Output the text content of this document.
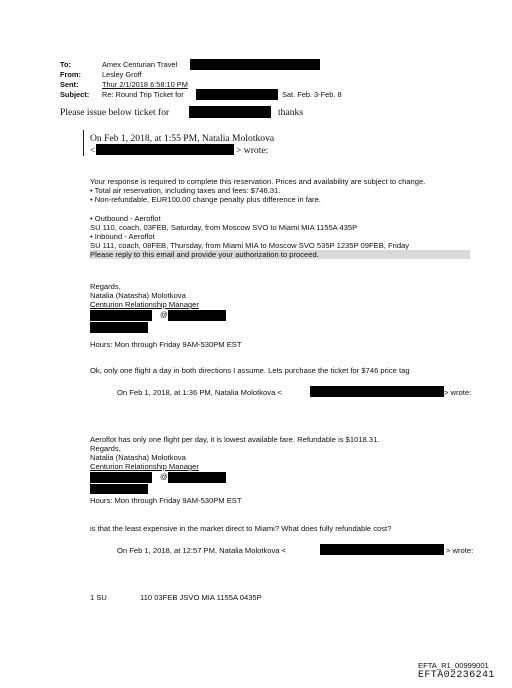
To:	Amex Centurian Travel
From:	Lesley Groff
Sent:	Thur 2/1/2018 6:58:10 PM
Subject: Re: Round Trip Ticket for	Sat. Feb. 3-Feb. 8
Please issue below ticket for	thanks
On Feb 1, 2018, at 1:55 PM, Natalia Molotkova
<	> wrote:
Your response is required to complete this reservation. Prices and availability are subject to change.
• Total air reservation, including taxes and fees: $746.31.
• Non-refundable, EUR100.00 change penalty plus difference in fare.
• Outbound - Aeroflot
SU 110, coach, 03FEB, Saturday, from Moscow SVO to Miami MIA 1155A 435P
• Inbound - Aeroflot
SU 111, coach, 08FEB, Thursday, from Miami MIA to Moscow SVO 535P 1235P 09FEB, Friday
Please reply to this email and provide your authorization to proceed.
Regards,
Natalia (Natasha) Molotkova
Centurion Relationship Manager
@
Hours: Mon through Friday 9AM-530PM EST
Ok, only one flight a day in both directions I assume. Lets purchase the ticket for $746 price tag
On Feb 1, 2018, at 1:36 PM, Natalia Molotkova <	> wrote:
Aeroflot has only one flight per day, it is lowest available fare. Refundable is $1018.31.
Regards,
Natalia (Natasha) Molotkova
Centurion Relationship Manager
@
Hours: Mon through Friday 9AM-530PM EST
is that the least expensive in the market direct to Miami? What does fully refundable cost?
On Feb 1, 2018, at 12:57 PM, Natalia Molotkova <	> wrote:
1 SU	110 03FEB JSVO MIA 1155A 0435P
EFTA_R1_00999001
EFTA02236241
